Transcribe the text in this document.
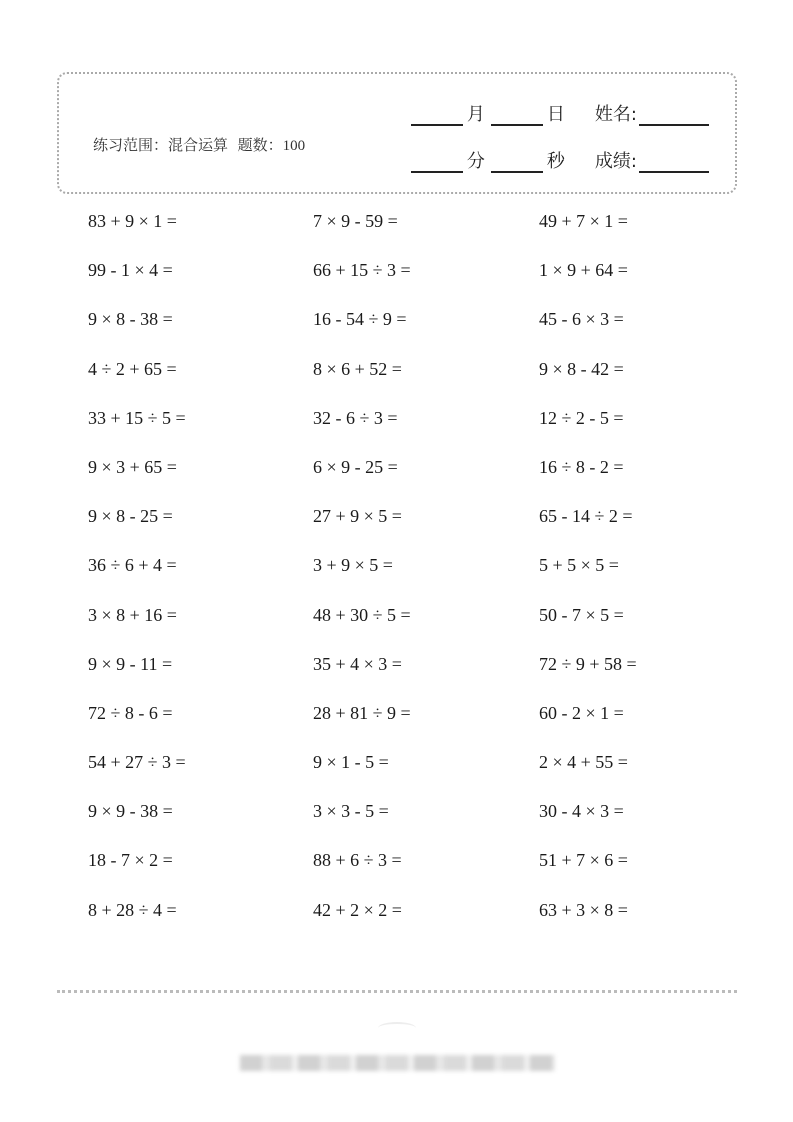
练习范围：混合运算 题数：100
月	日 姓名:
分	秒 成绩:
83 + 9 × 1 =	7 × 9 - 59 =	49 + 7 × 1 =
99 - 1 × 4 =	66 + 15 ÷ 3 =	1 × 9 + 64 =
9 × 8 - 38 =	16 - 54 ÷ 9 =	45 - 6 × 3 =
4 ÷ 2 + 65 =	8 × 6 + 52 =	9 × 8 - 42 =
33 + 15 ÷ 5 =	32 - 6 ÷ 3 =	12 ÷ 2 - 5 =
9 × 3 + 65 =	6 × 9 - 25 =	16 ÷ 8 - 2 =
9 × 8 - 25 =	27 + 9 × 5 =	65 - 14 ÷ 2 =
36 ÷ 6 + 4 =	3 + 9 × 5 =	5 + 5 × 5 =
3 × 8 + 16 =	48 + 30 ÷ 5 =	50 - 7 × 5 =
9 × 9 - 11 =	35 + 4 × 3 =	72 ÷ 9 + 58 =
72 ÷ 8 - 6 =	28 + 81 ÷ 9 =	60 - 2 × 1 =
54 + 27 ÷ 3 =	9 × 1 - 5 =	2 × 4 + 55 =
9 × 9 - 38 =	3 × 3 - 5 =	30 - 4 × 3 =
18 - 7 × 2 =	88 + 6 ÷ 3 =	51 + 7 × 6 =
8 + 28 ÷ 4 =	42 + 2 × 2 =	63 + 3 × 8 =
